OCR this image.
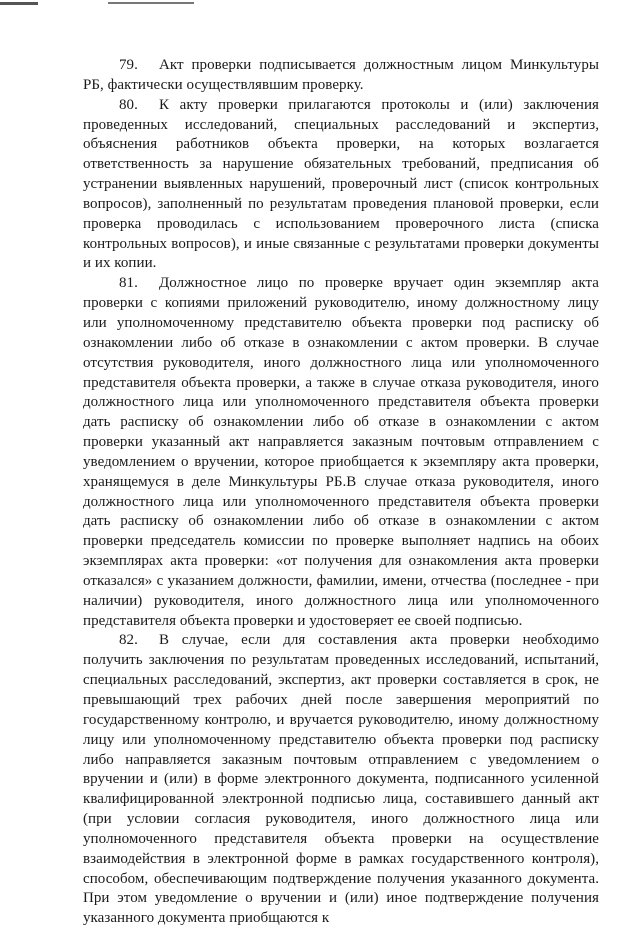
79. Акт проверки подписывается должностным лицом Минкультуры РБ, фактически осуществлявшим проверку.

80. К акту проверки прилагаются протоколы и (или) заключения проведенных исследований, специальных расследований и экспертиз, объяснения работников объекта проверки, на которых возлагается ответственность за нарушение обязательных требований, предписания об устранении выявленных нарушений, проверочный лист (список контрольных вопросов), заполненный по результатам проведения плановой проверки, если проверка проводилась с использованием проверочного листа (списка контрольных вопросов), и иные связанные с результатами проверки документы и их копии.

81. Должностное лицо по проверке вручает один экземпляр акта проверки с копиями приложений руководителю, иному должностному лицу или уполномоченному представителю объекта проверки под расписку об ознакомлении либо об отказе в ознакомлении с актом проверки. В случае отсутствия руководителя, иного должностного лица или уполномоченного представителя объекта проверки, а также в случае отказа руководителя, иного должностного лица или уполномоченного представителя объекта проверки дать расписку об ознакомлении либо об отказе в ознакомлении с актом проверки указанный акт направляется заказным почтовым отправлением с уведомлением о вручении, которое приобщается к экземпляру акта проверки, хранящемуся в деле Минкультуры РБ.В случае отказа руководителя, иного должностного лица или уполномоченного представителя объекта проверки дать расписку об ознакомлении либо об отказе в ознакомлении с актом проверки председатель комиссии по проверке выполняет надпись на обоих экземплярах акта проверки: «от получения для ознакомления акта проверки отказался» с указанием должности, фамилии, имени, отчества (последнее - при наличии) руководителя, иного должностного лица или уполномоченного представителя объекта проверки и удостоверяет ее своей подписью.

82. В случае, если для составления акта проверки необходимо получить заключения по результатам проведенных исследований, испытаний, специальных расследований, экспертиз, акт проверки составляется в срок, не превышающий трех рабочих дней после завершения мероприятий по государственному контролю, и вручается руководителю, иному должностному лицу или уполномоченному представителю объекта проверки под расписку либо направляется заказным почтовым отправлением с уведомлением о вручении и (или) в форме электронного документа, подписанного усиленной квалифицированной электронной подписью лица, составившего данный акт (при условии согласия руководителя, иного должностного лица или уполномоченного представителя объекта проверки на осуществление взаимодействия в электронной форме в рамках государственного контроля), способом, обеспечивающим подтверждение получения указанного документа. При этом уведомление о вручении и (или) иное подтверждение получения указанного документа приобщаются к
